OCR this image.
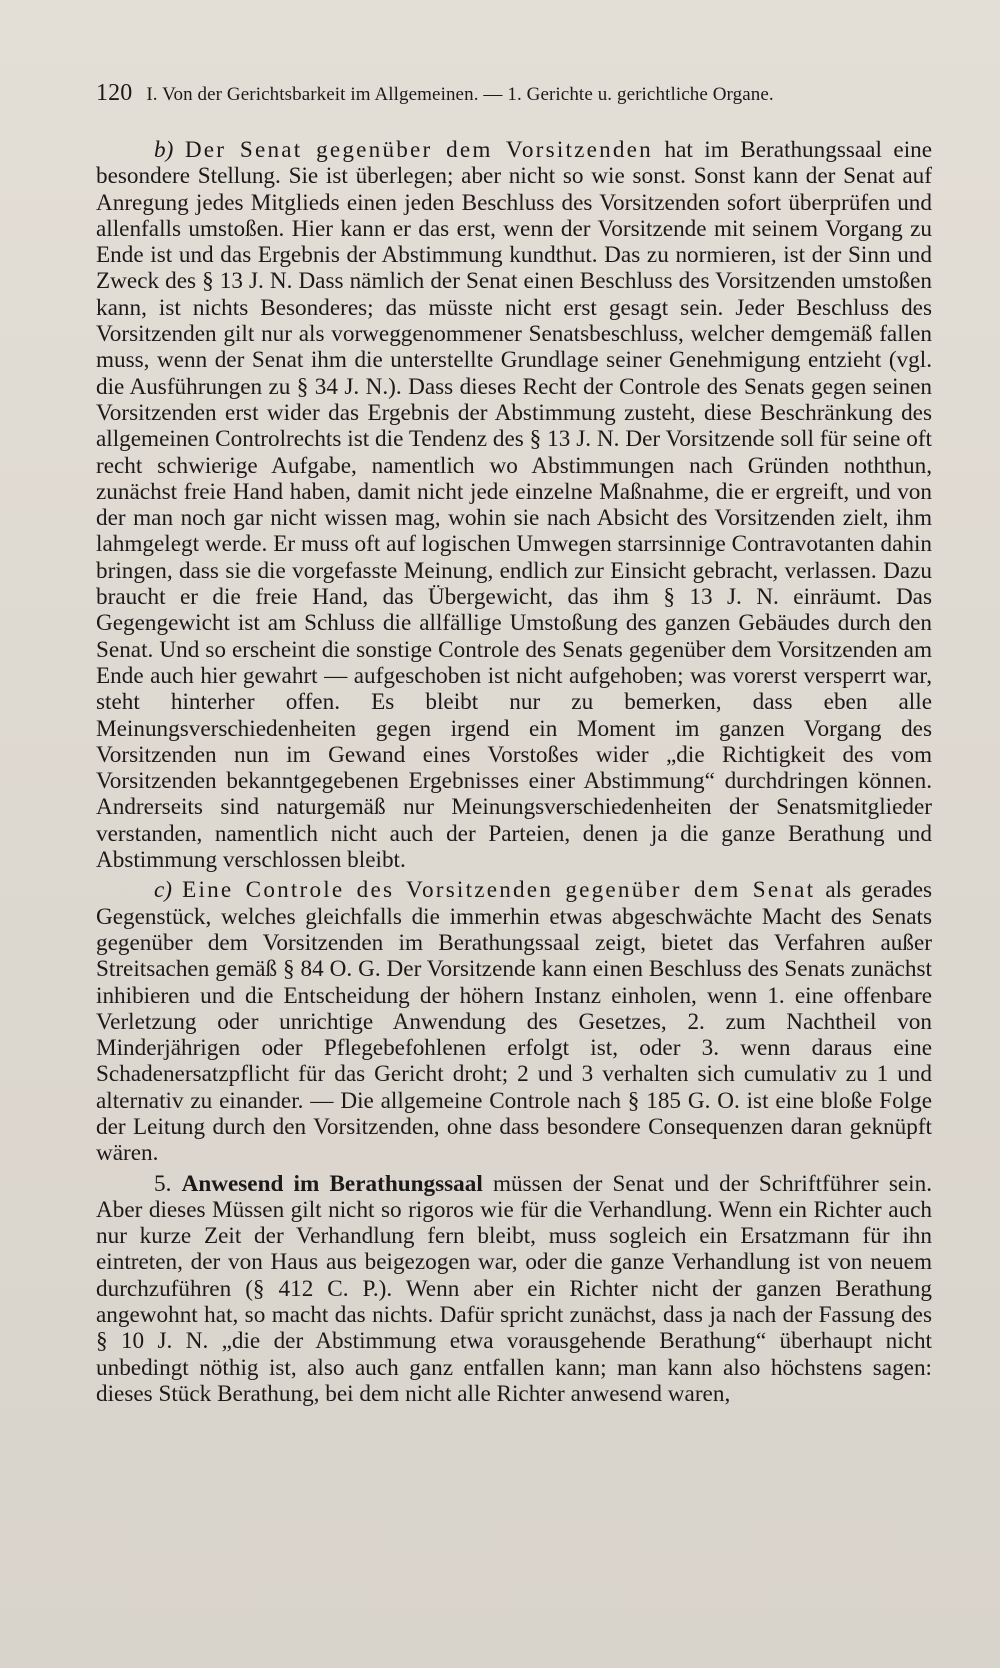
120 I. Von der Gerichtsbarkeit im Allgemeinen. — 1. Gerichte u. gerichtliche Organe.

b) Der Senat gegenüber dem Vorsitzenden hat im Berathungssaal eine besondere Stellung. Sie ist überlegen; aber nicht so wie sonst. Sonst kann der Senat auf Anregung jedes Mitglieds einen jeden Beschluss des Vorsitzenden sofort überprüfen und allenfalls umstoßen. Hier kann er das erst, wenn der Vorsitzende mit seinem Vorgang zu Ende ist und das Ergebnis der Abstimmung kundthut. Das zu normieren, ist der Sinn und Zweck des § 13 J. N. Dass nämlich der Senat einen Beschluss des Vorsitzenden umstoßen kann, ist nichts Besonderes; das müsste nicht erst gesagt sein. Jeder Beschluss des Vorsitzenden gilt nur als vorweggenommener Senatsbeschluss, welcher demgemäß fallen muss, wenn der Senat ihm die unterstellte Grundlage seiner Genehmigung entzieht (vgl. die Ausführungen zu § 34 J. N.). Dass dieses Recht der Controle des Senats gegen seinen Vorsitzenden erst wider das Ergebnis der Abstimmung zusteht, diese Beschränkung des allgemeinen Controlrechts ist die Tendenz des § 13 J. N. Der Vorsitzende soll für seine oft recht schwierige Aufgabe, namentlich wo Abstimmungen nach Gründen noththun, zunächst freie Hand haben, damit nicht jede einzelne Maßnahme, die er ergreift, und von der man noch gar nicht wissen mag, wohin sie nach Absicht des Vorsitzenden zielt, ihm lahmgelegt werde. Er muss oft auf logischen Umwegen starrsinnige Contravotanten dahin bringen, dass sie die vorgefasste Meinung, endlich zur Einsicht gebracht, verlassen. Dazu braucht er die freie Hand, das Übergewicht, das ihm § 13 J. N. einräumt. Das Gegengewicht ist am Schluss die allfällige Umstoßung des ganzen Gebäudes durch den Senat. Und so erscheint die sonstige Controle des Senats gegenüber dem Vorsitzenden am Ende auch hier gewahrt — aufgeschoben ist nicht aufgehoben; was vorerst versperrt war, steht hinterher offen. Es bleibt nur zu bemerken, dass eben alle Meinungsverschiedenheiten gegen irgend ein Moment im ganzen Vorgang des Vorsitzenden nun im Gewand eines Vorstoßes wider „die Richtigkeit des vom Vorsitzenden bekanntgegebenen Ergebnisses einer Abstimmung“ durchdringen können. Andrerseits sind naturgemäß nur Meinungsverschiedenheiten der Senatsmitglieder verstanden, namentlich nicht auch der Parteien, denen ja die ganze Berathung und Abstimmung verschlossen bleibt.

c) Eine Controle des Vorsitzenden gegenüber dem Senat als gerades Gegenstück, welches gleichfalls die immerhin etwas abgeschwächte Macht des Senats gegenüber dem Vorsitzenden im Berathungssaal zeigt, bietet das Verfahren außer Streitsachen gemäß § 84 O. G. Der Vorsitzende kann einen Beschluss des Senats zunächst inhibieren und die Entscheidung der höhern Instanz einholen, wenn 1. eine offenbare Verletzung oder unrichtige Anwendung des Gesetzes, 2. zum Nachtheil von Minderjährigen oder Pflegebefohlenen erfolgt ist, oder 3. wenn daraus eine Schadenersatzpflicht für das Gericht droht; 2 und 3 verhalten sich cumulativ zu 1 und alternativ zu einander. — Die allgemeine Controle nach § 185 G. O. ist eine bloße Folge der Leitung durch den Vorsitzenden, ohne dass besondere Consequenzen daran geknüpft wären.

5. Anwesend im Berathungssaal müssen der Senat und der Schriftführer sein. Aber dieses Müssen gilt nicht so rigoros wie für die Verhandlung. Wenn ein Richter auch nur kurze Zeit der Verhandlung fern bleibt, muss sogleich ein Ersatzmann für ihn eintreten, der von Haus aus beigezogen war, oder die ganze Verhandlung ist von neuem durchzuführen (§ 412 C. P.). Wenn aber ein Richter nicht der ganzen Berathung angewohnt hat, so macht das nichts. Dafür spricht zunächst, dass ja nach der Fassung des § 10 J. N. „die der Abstimmung etwa vorausgehende Berathung“ überhaupt nicht unbedingt nöthig ist, also auch ganz entfallen kann; man kann also höchstens sagen: dieses Stück Berathung, bei dem nicht alle Richter anwesend waren,
